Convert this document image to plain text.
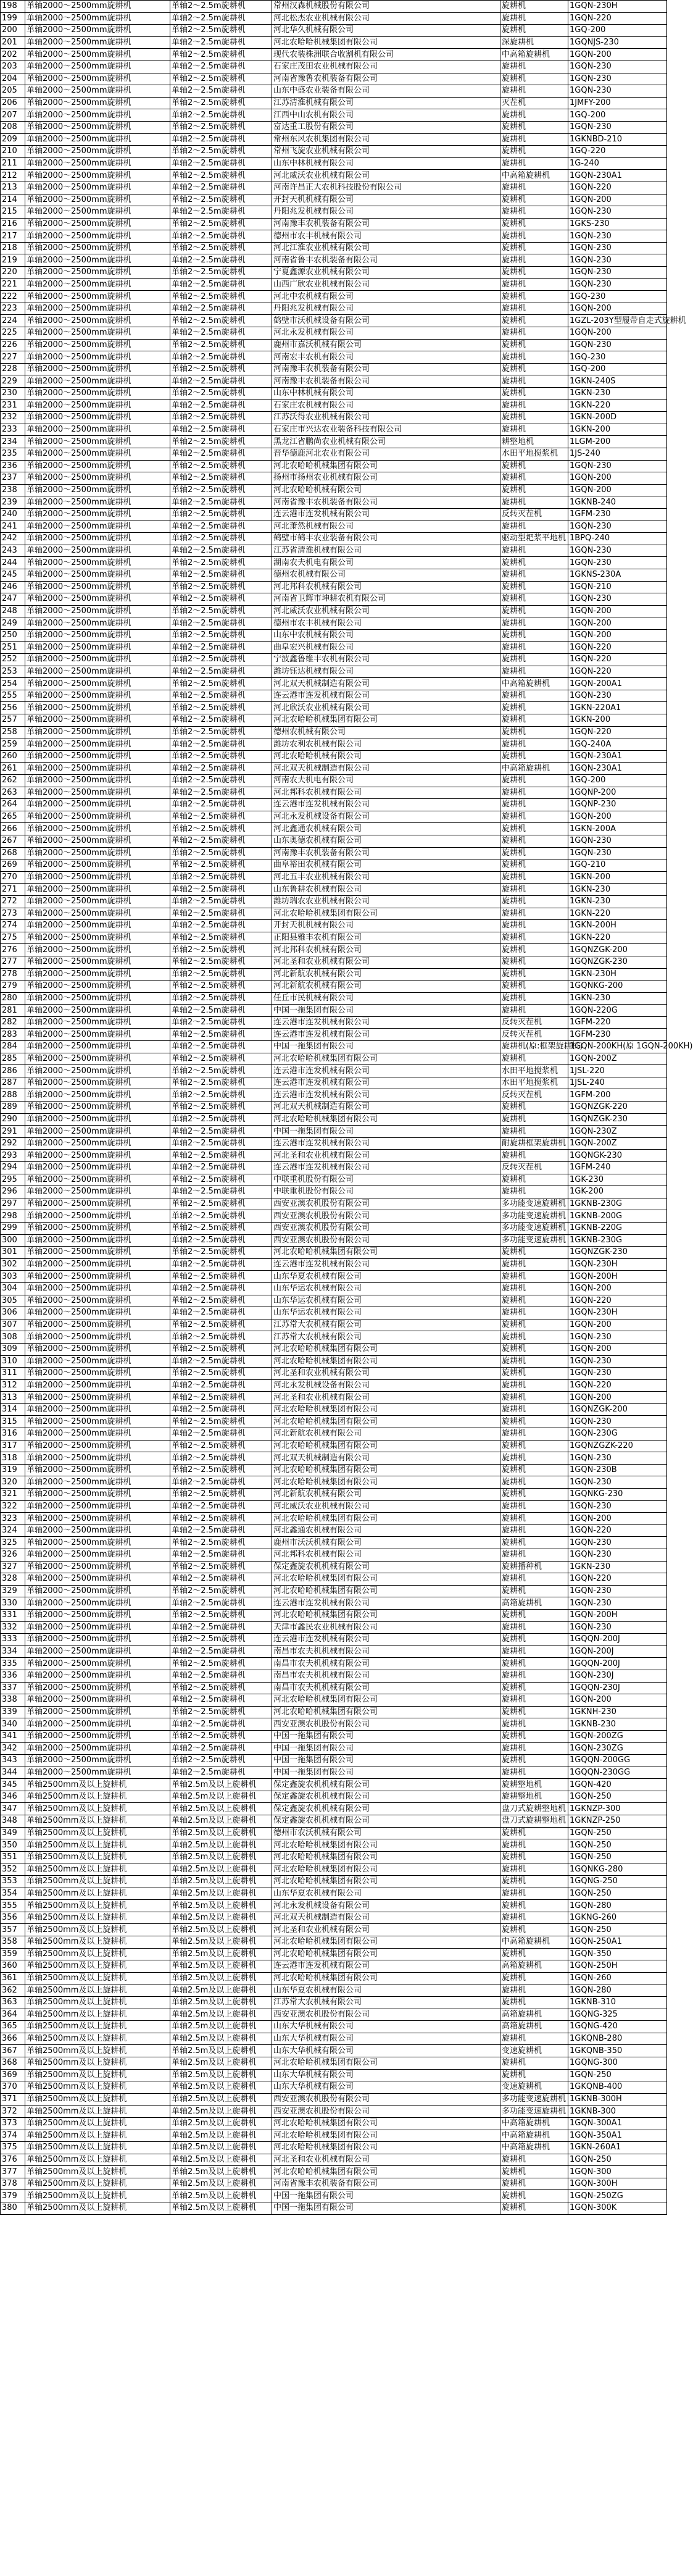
198	单轴2000～2500mm旋耕机	单轴2～2.5m旋耕机	常州汉森机械股份有限公司	旋耕机	1GQN-230H
199	单轴2000～2500mm旋耕机	单轴2～2.5m旋耕机	河北松杰农业机械有限公司	旋耕机	1GQN-220
200	单轴2000～2500mm旋耕机	单轴2～2.5m旋耕机	河北华久机械有限公司	旋耕机	1GQ-200
201	单轴2000～2500mm旋耕机	单轴2～2.5m旋耕机	河北农哈哈机械集团有限公司	深旋耕机	1GQNJS-230
202	单轴2000～2500mm旋耕机	单轴2～2.5m旋耕机	现代农装株洲联合收割机有限公司	中高箱旋耕机	1GQN-200
203	单轴2000～2500mm旋耕机	单轴2～2.5m旋耕机	石家庄茂田农业机械有限公司	旋耕机	1GQN-230
204	单轴2000～2500mm旋耕机	单轴2～2.5m旋耕机	河南省豫鲁农机装备有限公司	旋耕机	1GQN-230
205	单轴2000～2500mm旋耕机	单轴2～2.5m旋耕机	山东中盛农业装备有限公司	旋耕机	1GQN-230
206	单轴2000～2500mm旋耕机	单轴2～2.5m旋耕机	江苏清淮机械有限公司	灭茬机	1JMFY-200
207	单轴2000～2500mm旋耕机	单轴2～2.5m旋耕机	江西中山农机有限公司	旋耕机	1GQ-200
208	单轴2000～2500mm旋耕机	单轴2～2.5m旋耕机	富达重工股份有限公司	旋耕机	1GQN-230
209	单轴2000～2500mm旋耕机	单轴2～2.5m旋耕机	常州东风农机集团有限公司	旋耕机	1GKNBD-210
210	单轴2000～2500mm旋耕机	单轴2～2.5m旋耕机	常州飞旋农业机械有限公司	旋耕机	1GQ-220
211	单轴2000～2500mm旋耕机	单轴2～2.5m旋耕机	山东中林机械有限公司	旋耕机	1G-240
212	单轴2000～2500mm旋耕机	单轴2～2.5m旋耕机	河北威沃农业机械有限公司	中高箱旋耕机	1GQN-230A1
213	单轴2000～2500mm旋耕机	单轴2～2.5m旋耕机	河南许昌正大农机科技股份有限公司	旋耕机	1GQN-220
214	单轴2000～2500mm旋耕机	单轴2～2.5m旋耕机	开封天机机械有限公司	旋耕机	1GQN-200
215	单轴2000～2500mm旋耕机	单轴2～2.5m旋耕机	丹阳兆发机械有限公司	旋耕机	1GQN-230
216	单轴2000～2500mm旋耕机	单轴2～2.5m旋耕机	河南豫丰农机装备有限公司	旋耕机	1GKS-230
217	单轴2000～2500mm旋耕机	单轴2～2.5m旋耕机	德州市农丰机械有限公司	旋耕机	1GQN-230
218	单轴2000～2500mm旋耕机	单轴2～2.5m旋耕机	河北江淮农业机械有限公司	旋耕机	1GQN-230
219	单轴2000～2500mm旋耕机	单轴2～2.5m旋耕机	河南省鲁丰农机装备有限公司	旋耕机	1GQN-230
220	单轴2000～2500mm旋耕机	单轴2～2.5m旋耕机	宁夏鑫源农业机械有限公司	旋耕机	1GQN-230
221	单轴2000～2500mm旋耕机	单轴2～2.5m旋耕机	山西广欣农业机械有限公司	旋耕机	1GQN-230
222	单轴2000～2500mm旋耕机	单轴2～2.5m旋耕机	河北中农机械有限公司	旋耕机	1GQ-230
223	单轴2000～2500mm旋耕机	单轴2～2.5m旋耕机	丹阳兆发机械有限公司	旋耕机	1GQN-200
224	单轴2000～2500mm旋耕机	单轴2～2.5m旋耕机	鹤壁市沃机械设备有限公司	旋耕机	1GZL-203Y型履带自走式旋耕机
225	单轴2000～2500mm旋耕机	单轴2～2.5m旋耕机	河北永发机械有限公司	旋耕机	1GQN-200
226	单轴2000～2500mm旋耕机	单轴2～2.5m旋耕机	鹿州市嘉沃机械有限公司	旋耕机	1GQN-230
227	单轴2000～2500mm旋耕机	单轴2～2.5m旋耕机	河南宏丰农机有限公司	旋耕机	1GQ-230
228	单轴2000～2500mm旋耕机	单轴2～2.5m旋耕机	河南豫丰农机装备有限公司	旋耕机	1GQ-200
229	单轴2000～2500mm旋耕机	单轴2～2.5m旋耕机	河南豫丰农机装备有限公司	旋耕机	1GKN-240S
230	单轴2000～2500mm旋耕机	单轴2～2.5m旋耕机	山东中林机械有限公司	旋耕机	1GKN-230
231	单轴2000～2500mm旋耕机	单轴2～2.5m旋耕机	石家庄农机械有限公司	旋耕机	1GKN-220
232	单轴2000～2500mm旋耕机	单轴2～2.5m旋耕机	江苏沃得农业机械有限公司	旋耕机	1GKN-200D
233	单轴2000～2500mm旋耕机	单轴2～2.5m旋耕机	石家庄市兴达农业装备科技有限公司	旋耕机	1GKN-200
234	单轴2000～2500mm旋耕机	单轴2～2.5m旋耕机	黑龙江省鹏尚农业机械有限公司	耕整地机	1LGM-200
235	单轴2000～2500mm旋耕机	单轴2～2.5m旋耕机	晋华德鹿河北农业有限公司	水田平地搅浆机	1JS-240
236	单轴2000～2500mm旋耕机	单轴2～2.5m旋耕机	河北农哈哈机械集团有限公司	旋耕机	1GQN-230
237	单轴2000～2500mm旋耕机	单轴2～2.5m旋耕机	扬州市扬州农业机械有限公司	旋耕机	1GQN-200
238	单轴2000～2500mm旋耕机	单轴2～2.5m旋耕机	河北农哈哈机械有限公司	旋耕机	1GQN-200
239	单轴2000～2500mm旋耕机	单轴2～2.5m旋耕机	河南省豫丰农机装备有限公司	旋耕机	1GKNB-240
240	单轴2000～2500mm旋耕机	单轴2～2.5m旋耕机	连云港市连发机械有限公司	反转灭茬机	1GFM-230
241	单轴2000～2500mm旋耕机	单轴2～2.5m旋耕机	河北萧然机械有限公司	旋耕机	1GQN-230
242	单轴2000～2500mm旋耕机	单轴2～2.5m旋耕机	鹤壁市鹤丰农业装备有限公司	驱动型耙浆平地机	1BPQ-240
243	单轴2000～2500mm旋耕机	单轴2～2.5m旋耕机	江苏省清淮机械有限公司	旋耕机	1GQN-230
244	单轴2000～2500mm旋耕机	单轴2～2.5m旋耕机	湖南农夫机电有限公司	旋耕机	1GQN-230
245	单轴2000～2500mm旋耕机	单轴2～2.5m旋耕机	德州农机械有限公司	旋耕机	1GKNS-230A
246	单轴2000～2500mm旋耕机	单轴2～2.5m旋耕机	河北邦科农机械有限公司	旋耕机	1GQN-210
247	单轴2000～2500mm旋耕机	单轴2～2.5m旋耕机	河南省卫辉市坤耕农机有限公司	旋耕机	1GQN-230
248	单轴2000～2500mm旋耕机	单轴2～2.5m旋耕机	河北威沃农业机械有限公司	旋耕机	1GQN-200
249	单轴2000～2500mm旋耕机	单轴2～2.5m旋耕机	德州市农丰机械有限公司	旋耕机	1GQN-200
250	单轴2000～2500mm旋耕机	单轴2～2.5m旋耕机	山东中农机械有限公司	旋耕机	1GQN-200
251	单轴2000～2500mm旋耕机	单轴2～2.5m旋耕机	曲阜宏兴机械有限公司	旋耕机	1GQN-220
252	单轴2000～2500mm旋耕机	单轴2～2.5m旋耕机	宁波鑫鲁维丰农机有限公司	旋耕机	1GQN-220
253	单轴2000～2500mm旋耕机	单轴2～2.5m旋耕机	潍坊钰达机械有限公司	旋耕机	1GQN-220
254	单轴2000～2500mm旋耕机	单轴2～2.5m旋耕机	河北双天机械制造有限公司	中高箱旋耕机	1GQN-200A1
255	单轴2000～2500mm旋耕机	单轴2～2.5m旋耕机	连云港市连发机械有限公司	旋耕机	1GQN-230
256	单轴2000～2500mm旋耕机	单轴2～2.5m旋耕机	河北欣沃农业机械有限公司	旋耕机	1GKN-220A1
257	单轴2000～2500mm旋耕机	单轴2～2.5m旋耕机	河北农哈哈机械集团有限公司	旋耕机	1GKN-200
258	单轴2000～2500mm旋耕机	单轴2～2.5m旋耕机	德州农机械有限公司	旋耕机	1GQN-220
259	单轴2000～2500mm旋耕机	单轴2～2.5m旋耕机	潍坊农利农机械有限公司	旋耕机	1GQ-240A
260	单轴2000～2500mm旋耕机	单轴2～2.5m旋耕机	河北农哈哈机械有限公司	旋耕机	1GQN-230A1
261	单轴2000～2500mm旋耕机	单轴2～2.5m旋耕机	河北双天机械制造有限公司	中高箱旋耕机	1GQN-230A1
262	单轴2000～2500mm旋耕机	单轴2～2.5m旋耕机	河南农夫机电有限公司	旋耕机	1GQ-200
263	单轴2000～2500mm旋耕机	单轴2～2.5m旋耕机	河北邦科农机械有限公司	旋耕机	1GQNP-200
264	单轴2000～2500mm旋耕机	单轴2～2.5m旋耕机	连云港市连发机械有限公司	旋耕机	1GQNP-230
265	单轴2000～2500mm旋耕机	单轴2～2.5m旋耕机	河北永发机械设备有限公司	旋耕机	1GQN-200
266	单轴2000～2500mm旋耕机	单轴2～2.5m旋耕机	河北鑫通农机械有限公司	旋耕机	1GKN-200A
267	单轴2000～2500mm旋耕机	单轴2～2.5m旋耕机	山东奥德农机械有限公司	旋耕机	1GQN-230
268	单轴2000～2500mm旋耕机	单轴2～2.5m旋耕机	河南豫丰农机装备有限公司	旋耕机	1GQN-230
269	单轴2000～2500mm旋耕机	单轴2～2.5m旋耕机	曲阜裕田农机械有限公司	旋耕机	1GQ-210
270	单轴2000～2500mm旋耕机	单轴2～2.5m旋耕机	河北五丰农业机械有限公司	旋耕机	1GKN-200
271	单轴2000～2500mm旋耕机	单轴2～2.5m旋耕机	山东鲁耕农机械有限公司	旋耕机	1GKN-230
272	单轴2000～2500mm旋耕机	单轴2～2.5m旋耕机	潍坊瑞农农业机械有限公司	旋耕机	1GKN-230
273	单轴2000～2500mm旋耕机	单轴2～2.5m旋耕机	河北农哈哈机械集团有限公司	旋耕机	1GKN-220
274	单轴2000～2500mm旋耕机	单轴2～2.5m旋耕机	开封天机机械有限公司	旋耕机	1GKN-200H
275	单轴2000～2500mm旋耕机	单轴2～2.5m旋耕机	正阳县雅丰农机有限公司	旋耕机	1GKN-220
276	单轴2000～2500mm旋耕机	单轴2～2.5m旋耕机	河北邦科农机械有限公司	旋耕机	1GQNZGK-200
277	单轴2000～2500mm旋耕机	单轴2～2.5m旋耕机	河北圣和农业机械有限公司	旋耕机	1GQNZGK-230
278	单轴2000～2500mm旋耕机	单轴2～2.5m旋耕机	河北新航农机械有限公司	旋耕机	1GKN-230H
279	单轴2000～2500mm旋耕机	单轴2～2.5m旋耕机	河北新航农机械有限公司	旋耕机	1GQNKG-200
280	单轴2000～2500mm旋耕机	单轴2～2.5m旋耕机	任丘市民机械有限公司	旋耕机	1GKN-230
281	单轴2000～2500mm旋耕机	单轴2～2.5m旋耕机	中国一拖集团有限公司	旋耕机	1GQN-220G
282	单轴2000～2500mm旋耕机	单轴2～2.5m旋耕机	连云港市连发机械有限公司	反转灭茬机	1GFM-220
283	单轴2000～2500mm旋耕机	单轴2～2.5m旋耕机	连云港市连发机械有限公司	反转灭茬机	1GFM-230
284	单轴2000～2500mm旋耕机	单轴2～2.5m旋耕机	中国一拖集团有限公司	旋耕机(原:框架旋耕机)	1GQN-200KH(原 1GQN-200KH)
285	单轴2000～2500mm旋耕机	单轴2～2.5m旋耕机	河北农哈哈机械集团有限公司	旋耕机	1GQN-200Z
286	单轴2000～2500mm旋耕机	单轴2～2.5m旋耕机	连云港市连发机械有限公司	水田平地搅浆机	1JSL-220
287	单轴2000～2500mm旋耕机	单轴2～2.5m旋耕机	连云港市连发机械有限公司	水田平地搅浆机	1JSL-240
288	单轴2000～2500mm旋耕机	单轴2～2.5m旋耕机	连云港市连发机械有限公司	反转灭茬机	1GFM-200
289	单轴2000～2500mm旋耕机	单轴2～2.5m旋耕机	河北双天机械制造有限公司	旋耕机	1GQNZGK-220
290	单轴2000～2500mm旋耕机	单轴2～2.5m旋耕机	河北农哈哈机械集团有限公司	旋耕机	1GQNZGK-230
291	单轴2000～2500mm旋耕机	单轴2～2.5m旋耕机	中国一拖集团有限公司	旋耕机	1GQN-230Z
292	单轴2000～2500mm旋耕机	单轴2～2.5m旋耕机	连云港市连发机械有限公司	耐旋耕框架旋耕机	1GQN-200Z
293	单轴2000～2500mm旋耕机	单轴2～2.5m旋耕机	河北圣和农业机械有限公司	旋耕机	1GQNGK-230
294	单轴2000～2500mm旋耕机	单轴2～2.5m旋耕机	连云港市连发机械有限公司	反转灭茬机	1GFM-240
295	单轴2000～2500mm旋耕机	单轴2～2.5m旋耕机	中联重机股份有限公司	旋耕机	1GK-230
296	单轴2000～2500mm旋耕机	单轴2～2.5m旋耕机	中联重机股份有限公司	旋耕机	1GK-200
297	单轴2000～2500mm旋耕机	单轴2～2.5m旋耕机	西安亚澳农机股份有限公司	多功能变速旋耕机	1GKNB-230G
298	单轴2000～2500mm旋耕机	单轴2～2.5m旋耕机	西安亚澳农机股份有限公司	多功能变速旋耕机	1GKNB-200G
299	单轴2000～2500mm旋耕机	单轴2～2.5m旋耕机	西安亚澳农机股份有限公司	多功能变速旋耕机	1GKNB-220G
300	单轴2000～2500mm旋耕机	单轴2～2.5m旋耕机	西安亚澳农机股份有限公司	多功能变速旋耕机	1GKNB-230G
301	单轴2000～2500mm旋耕机	单轴2～2.5m旋耕机	河北农哈哈机械集团有限公司	旋耕机	1GQNZGK-230
302	单轴2000～2500mm旋耕机	单轴2～2.5m旋耕机	连云港市连发机械有限公司	旋耕机	1GQN-230H
303	单轴2000～2500mm旋耕机	单轴2～2.5m旋耕机	山东华夏农机械有限公司	旋耕机	1GQN-200H
304	单轴2000～2500mm旋耕机	单轴2～2.5m旋耕机	山东华运农机械有限公司	旋耕机	1GQN-200
305	单轴2000～2500mm旋耕机	单轴2～2.5m旋耕机	山东华运农机械有限公司	旋耕机	1GQN-220
306	单轴2000～2500mm旋耕机	单轴2～2.5m旋耕机	山东华运农机械有限公司	旋耕机	1GQN-230H
307	单轴2000～2500mm旋耕机	单轴2～2.5m旋耕机	江苏常大农机械有限公司	旋耕机	1GQN-200
308	单轴2000～2500mm旋耕机	单轴2～2.5m旋耕机	江苏常大农机械有限公司	旋耕机	1GQN-230
309	单轴2000～2500mm旋耕机	单轴2～2.5m旋耕机	河北农哈哈机械集团有限公司	旋耕机	1GQN-200
310	单轴2000～2500mm旋耕机	单轴2～2.5m旋耕机	河北农哈哈机械集团有限公司	旋耕机	1GQN-230
311	单轴2000～2500mm旋耕机	单轴2～2.5m旋耕机	河北圣和农业机械有限公司	旋耕机	1GQN-230
312	单轴2000～2500mm旋耕机	单轴2～2.5m旋耕机	河北永发机械设备有限公司	旋耕机	1GQN-220
313	单轴2000～2500mm旋耕机	单轴2～2.5m旋耕机	河北圣和农业机械有限公司	旋耕机	1GQN-200
314	单轴2000～2500mm旋耕机	单轴2～2.5m旋耕机	河北农哈哈机械集团有限公司	旋耕机	1GQNZGK-200
315	单轴2000～2500mm旋耕机	单轴2～2.5m旋耕机	河北农哈哈机械集团有限公司	旋耕机	1GQN-230
316	单轴2000～2500mm旋耕机	单轴2～2.5m旋耕机	河北新航农机械有限公司	旋耕机	1GQN-230G
317	单轴2000～2500mm旋耕机	单轴2～2.5m旋耕机	河北农哈哈机械集团有限公司	旋耕机	1GQNZGZK-220
318	单轴2000～2500mm旋耕机	单轴2～2.5m旋耕机	河北双天机械制造有限公司	旋耕机	1GQN-230
319	单轴2000～2500mm旋耕机	单轴2～2.5m旋耕机	河北农哈哈机械集团有限公司	旋耕机	1GQN-230B
320	单轴2000～2500mm旋耕机	单轴2～2.5m旋耕机	河北农哈哈机械集团有限公司	旋耕机	1GQN-230
321	单轴2000～2500mm旋耕机	单轴2～2.5m旋耕机	河北新航农机械有限公司	旋耕机	1GQNKG-230
322	单轴2000～2500mm旋耕机	单轴2～2.5m旋耕机	河北威沃农业机械有限公司	旋耕机	1GQN-230
323	单轴2000～2500mm旋耕机	单轴2～2.5m旋耕机	河北农哈哈机械集团有限公司	旋耕机	1GQN-200
324	单轴2000～2500mm旋耕机	单轴2～2.5m旋耕机	河北鑫通农机械有限公司	旋耕机	1GQN-220
325	单轴2000～2500mm旋耕机	单轴2～2.5m旋耕机	鹿州市沃沃机械有限公司	旋耕机	1GQN-230
326	单轴2000～2500mm旋耕机	单轴2～2.5m旋耕机	河北邦科农机械有限公司	旋耕机	1GQN-230
327	单轴2000～2500mm旋耕机	单轴2～2.5m旋耕机	保定鑫旋农机机械有限公司	旋耕播种机	1GKN-230
328	单轴2000～2500mm旋耕机	单轴2～2.5m旋耕机	河北农哈哈机械集团有限公司	旋耕机	1GQN-220
329	单轴2000～2500mm旋耕机	单轴2～2.5m旋耕机	河北农哈哈机械集团有限公司	旋耕机	1GQN-230
330	单轴2000～2500mm旋耕机	单轴2～2.5m旋耕机	连云港市连发机械有限公司	高箱旋耕机	1GQN-230
331	单轴2000～2500mm旋耕机	单轴2～2.5m旋耕机	河北农哈哈机械集团有限公司	旋耕机	1GQN-200H
332	单轴2000～2500mm旋耕机	单轴2～2.5m旋耕机	天津市鑫民农业机械有限公司	旋耕机	1GQN-230
333	单轴2000～2500mm旋耕机	单轴2～2.5m旋耕机	连云港市连发机械有限公司	旋耕机	1GQQN-200J
334	单轴2000～2500mm旋耕机	单轴2～2.5m旋耕机	南昌市农夫机机械有限公司	旋耕机	1GQN-200J
335	单轴2000～2500mm旋耕机	单轴2～2.5m旋耕机	南昌市农夫机机械有限公司	旋耕机	1GQQN-200J
336	单轴2000～2500mm旋耕机	单轴2～2.5m旋耕机	南昌市农夫机机械有限公司	旋耕机	1GQN-230J
337	单轴2000～2500mm旋耕机	单轴2～2.5m旋耕机	南昌市农夫机机械有限公司	旋耕机	1GQQN-230J
338	单轴2000～2500mm旋耕机	单轴2～2.5m旋耕机	河北农哈哈机械集团有限公司	旋耕机	1GQN-200
339	单轴2000～2500mm旋耕机	单轴2～2.5m旋耕机	河北农哈哈机械集团有限公司	旋耕机	1GKNH-230
340	单轴2000～2500mm旋耕机	单轴2～2.5m旋耕机	西安亚澳农机股份有限公司	旋耕机	1GKNB-230
341	单轴2000～2500mm旋耕机	单轴2～2.5m旋耕机	中国一拖集团有限公司	旋耕机	1GQN-200ZG
342	单轴2000～2500mm旋耕机	单轴2～2.5m旋耕机	中国一拖集团有限公司	旋耕机	1GQN-230ZG
343	单轴2000～2500mm旋耕机	单轴2～2.5m旋耕机	中国一拖集团有限公司	旋耕机	1GQQN-200GG
344	单轴2000～2500mm旋耕机	单轴2～2.5m旋耕机	中国一拖集团有限公司	旋耕机	1GQQN-230GG
345	单轴2500mm及以上旋耕机	单轴2.5m及以上旋耕机	保定鑫旋农机机械有限公司	旋耕整地机	1GQN-420
346	单轴2500mm及以上旋耕机	单轴2.5m及以上旋耕机	保定鑫旋农机机械有限公司	旋耕整地机	1GQN-250
347	单轴2500mm及以上旋耕机	单轴2.5m及以上旋耕机	保定鑫旋农机机械有限公司	盘刀式旋耕整地机	1GKNZP-300
348	单轴2500mm及以上旋耕机	单轴2.5m及以上旋耕机	保定鑫旋农机机械有限公司	盘刀式旋耕整地机	1GKNZP-250
349	单轴2500mm及以上旋耕机	单轴2.5m及以上旋耕机	德州市农沃机械有限公司	旋耕机	1GQN-250
350	单轴2500mm及以上旋耕机	单轴2.5m及以上旋耕机	河北农哈哈机械集团有限公司	旋耕机	1GQN-250
351	单轴2500mm及以上旋耕机	单轴2.5m及以上旋耕机	河北农哈哈机械集团有限公司	旋耕机	1GQN-250
352	单轴2500mm及以上旋耕机	单轴2.5m及以上旋耕机	河北农哈哈机械集团有限公司	旋耕机	1GQNKG-280
353	单轴2500mm及以上旋耕机	单轴2.5m及以上旋耕机	河北农哈哈机械集团有限公司	旋耕机	1GQNG-250
354	单轴2500mm及以上旋耕机	单轴2.5m及以上旋耕机	山东华夏农机械有限公司	旋耕机	1GQN-250
355	单轴2500mm及以上旋耕机	单轴2.5m及以上旋耕机	河北永发机械设备有限公司	旋耕机	1GQN-280
356	单轴2500mm及以上旋耕机	单轴2.5m及以上旋耕机	河北双天机械制造有限公司	旋耕机	1GKNG-260
357	单轴2500mm及以上旋耕机	单轴2.5m及以上旋耕机	河北圣和农业机械有限公司	旋耕机	1GQN-250
358	单轴2500mm及以上旋耕机	单轴2.5m及以上旋耕机	河北农哈哈机械集团有限公司	中高箱旋耕机	1GQN-250A1
359	单轴2500mm及以上旋耕机	单轴2.5m及以上旋耕机	河北农哈哈机械集团有限公司	旋耕机	1GQN-350
360	单轴2500mm及以上旋耕机	单轴2.5m及以上旋耕机	连云港市连发机械有限公司	高箱旋耕机	1GQN-250H
361	单轴2500mm及以上旋耕机	单轴2.5m及以上旋耕机	河北农哈哈机械集团有限公司	旋耕机	1GQN-260
362	单轴2500mm及以上旋耕机	单轴2.5m及以上旋耕机	山东华夏农机械有限公司	旋耕机	1GQN-280
363	单轴2500mm及以上旋耕机	单轴2.5m及以上旋耕机	江苏常大农机械有限公司	旋耕机	1GKNB-310
364	单轴2500mm及以上旋耕机	单轴2.5m及以上旋耕机	西安亚澳农机股份有限公司	高箱旋耕机	1GQNG-325
365	单轴2500mm及以上旋耕机	单轴2.5m及以上旋耕机	山东大华机械有限公司	高箱旋耕机	1GQNG-420
366	单轴2500mm及以上旋耕机	单轴2.5m及以上旋耕机	山东大华机械有限公司	旋耕机	1GKQNB-280
367	单轴2500mm及以上旋耕机	单轴2.5m及以上旋耕机	山东大华机械有限公司	变速旋耕机	1GKQNB-350
368	单轴2500mm及以上旋耕机	单轴2.5m及以上旋耕机	河北农哈哈机械集团有限公司	旋耕机	1GQNG-300
369	单轴2500mm及以上旋耕机	单轴2.5m及以上旋耕机	山东大华机械有限公司	旋耕机	1GQN-250
370	单轴2500mm及以上旋耕机	单轴2.5m及以上旋耕机	山东大华机械有限公司	变速旋耕机	1GKQNB-400
371	单轴2500mm及以上旋耕机	单轴2.5m及以上旋耕机	西安亚澳农机股份有限公司	多功能变速旋耕机	1GKNB-300H
372	单轴2500mm及以上旋耕机	单轴2.5m及以上旋耕机	西安亚澳农机股份有限公司	多功能变速旋耕机	1GKNB-300
373	单轴2500mm及以上旋耕机	单轴2.5m及以上旋耕机	河北农哈哈机械集团有限公司	中高箱旋耕机	1GQN-300A1
374	单轴2500mm及以上旋耕机	单轴2.5m及以上旋耕机	河北农哈哈机械集团有限公司	中高箱旋耕机	1GQN-350A1
375	单轴2500mm及以上旋耕机	单轴2.5m及以上旋耕机	河北农哈哈机械集团有限公司	中高箱旋耕机	1GKN-260A1
376	单轴2500mm及以上旋耕机	单轴2.5m及以上旋耕机	河北圣和农业机械有限公司	旋耕机	1GQN-250
377	单轴2500mm及以上旋耕机	单轴2.5m及以上旋耕机	河北农哈哈机械集团有限公司	旋耕机	1GQN-300
378	单轴2500mm及以上旋耕机	单轴2.5m及以上旋耕机	河南省豫丰农机装备有限公司	旋耕机	1GQN-300H
379	单轴2500mm及以上旋耕机	单轴2.5m及以上旋耕机	中国一拖集团有限公司	旋耕机	1GQN-250ZG
380	单轴2500mm及以上旋耕机	单轴2.5m及以上旋耕机	中国一拖集团有限公司	旋耕机	1GQN-300K
